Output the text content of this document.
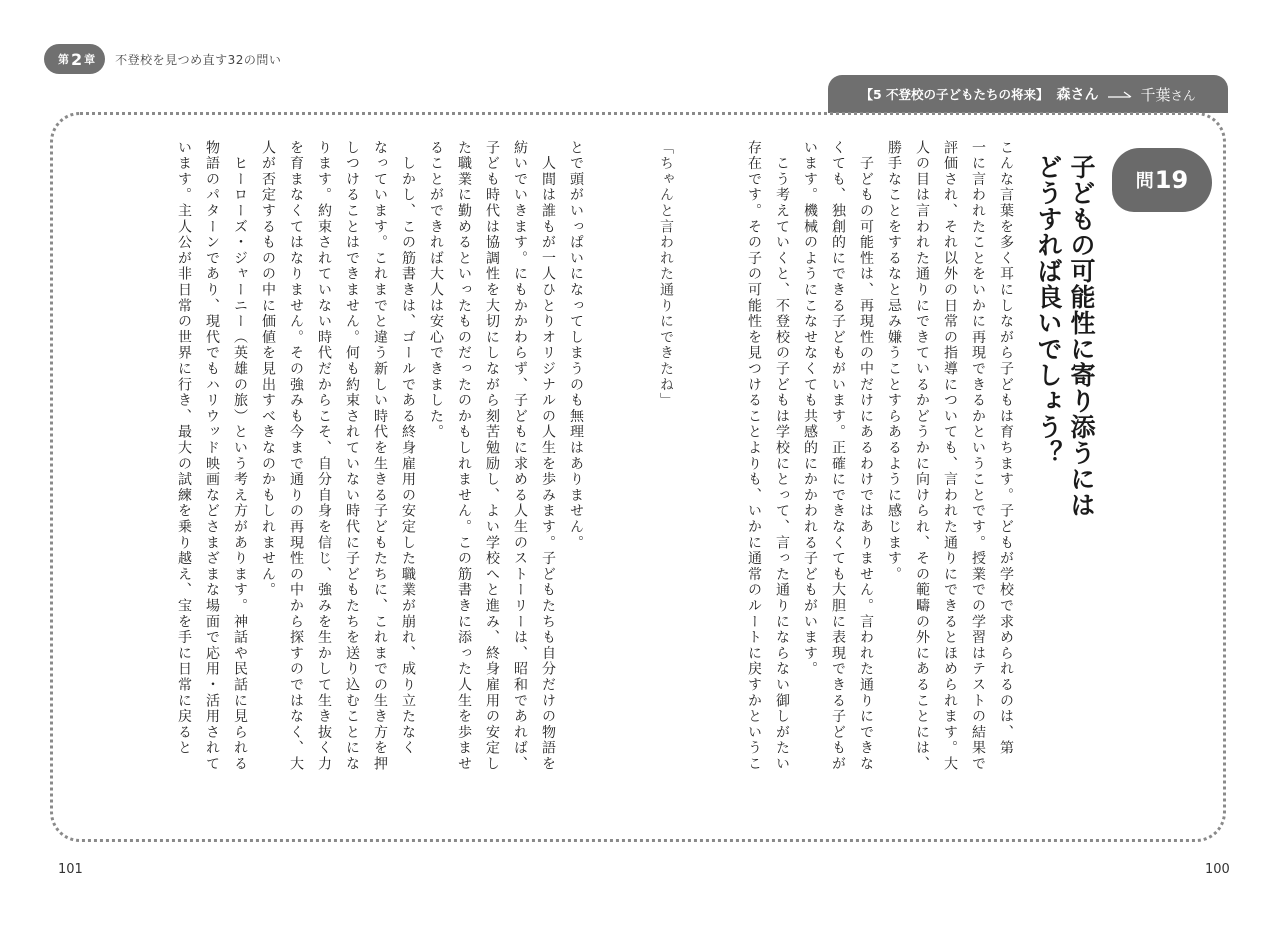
第 2 章 不登校を見つめ直す32の問い
【5 不登校の子どもたちの将来】 森さん	千葉さん
問 19
子どもの可能性に寄り添うには
どうすれば良いでしょう？
こんな言葉を多く耳にしながら子どもは育ちます。子どもが学校で求められるのは、第
一に言われたことをいかに再現できるかということです。授業での学習はテストの結果で
評価され、それ以外の日常の指導についても、言われた通りにできるとほめられます。大
人の目は言われた通りにできているかどうかに向けられ、その範疇の外にあることには、
勝手なことをするなと忌み嫌うことすらあるように感じます。
　子どもの可能性は、再現性の中だけにあるわけではありません。言われた通りにできな
くても、独創的にできる子どもがいます。正確にできなくても大胆に表現できる子どもが
います。機械のようにこなせなくても共感的にかかわれる子どもがいます。
　こう考えていくと、不登校の子どもは学校にとって、言った通りにならない御しがたい
存在です。その子の可能性を見つけることよりも、いかに通常のルートに戻すかというこ
「ちゃんと言われた通りにできたね」
とで頭がいっぱいになってしまうのも無理はありません。
　人間は誰もが一人ひとりオリジナルの人生を歩みます。子どもたちも自分だけの物語を
紡いでいきます。にもかかわらず、子どもに求める人生のストーリーは、昭和であれば、
子ども時代は協調性を大切にしながら刻苦勉励し、よい学校へと進み、終身雇用の安定し
た職業に勤めるといったものだったのかもしれません。この筋書きに添った人生を歩ませ
ることができれば大人は安心できました。
　しかし、この筋書きは、ゴールである終身雇用の安定した職業が崩れ、成り立たなく
なっています。これまでと違う新しい時代を生きる子どもたちに、これまでの生き方を押
しつけることはできません。何も約束されていない時代に子どもたちを送り込むことにな
ります。約束されていない時代だからこそ、自分自身を信じ、強みを生かして生き抜く力
を育まなくてはなりません。その強みも今まで通りの再現性の中から探すのではなく、大
人が否定するものの中に価値を見出すべきなのかもしれません。
　ヒーローズ・ジャーニー（英雄の旅）という考え方があります。神話や民話に見られる
物語のパターンであり、現代でもハリウッド映画などさまざまな場面で応用・活用されて
います。主人公が非日常の世界に行き、最大の試練を乗り越え、宝を手に日常に戻ると
101	100
